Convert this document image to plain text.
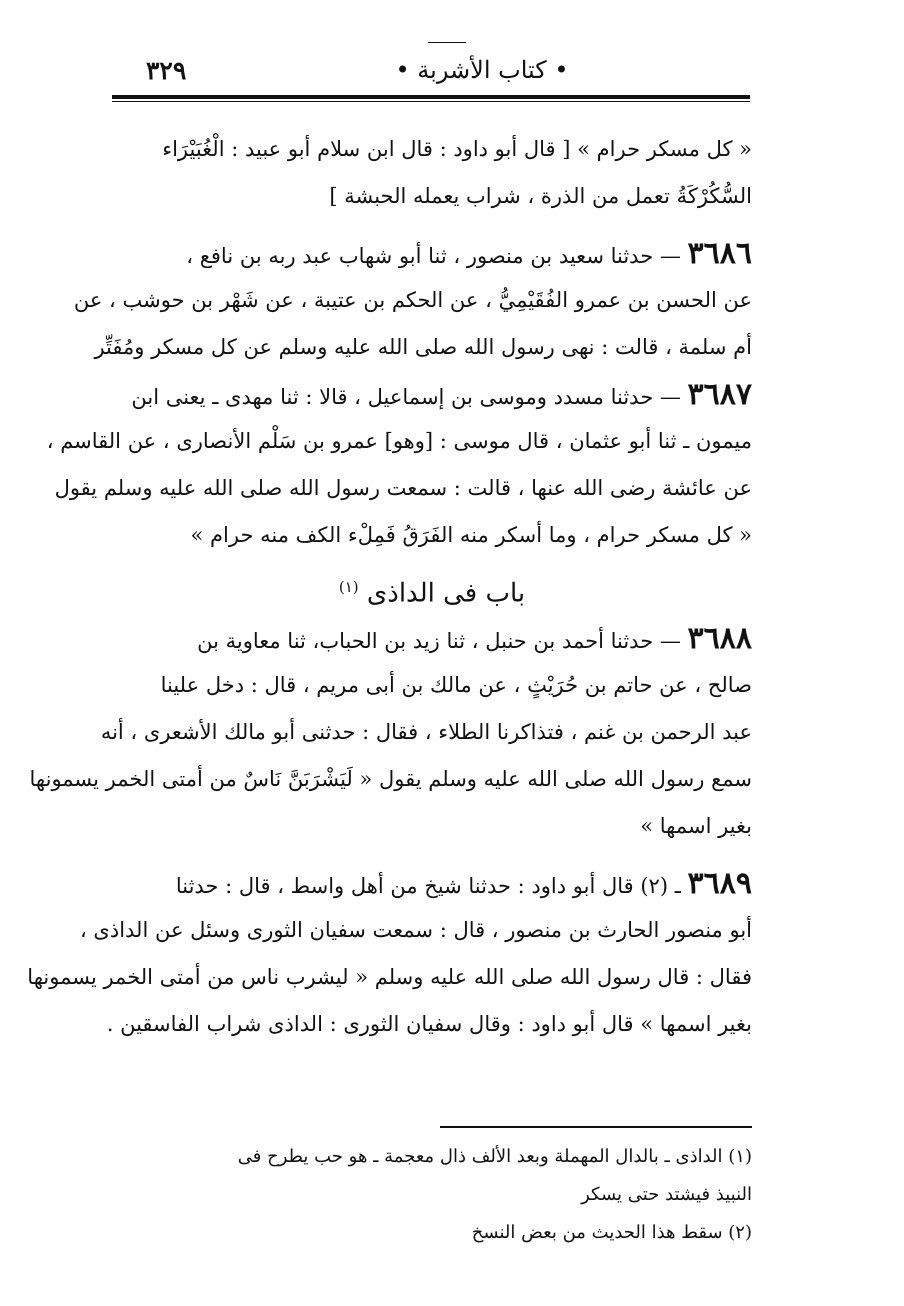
٣٢٩	• كتاب الأشربة •
« كل مسكر حرام » [ قال أبو داود : قال ابن سلام أبو عبيد : الْغُبَيْرَاء
السُّكُرْكَةُ تعمل من الذرة ، شراب يعمله الحبشة ]
٣٦٨٦ — حدثنا سعيد بن منصور ، ثنا أبو شهاب عبد ربه بن نافع ،
عن الحسن بن عمرو الفُقَيْمِيُّ ، عن الحكم بن عتيبة ، عن شَهْر بن حوشب ، عن
أم سلمة ، قالت : نهى رسول الله صلى الله عليه وسلم عن كل مسكر ومُفَتِّر
٣٦٨٧ — حدثنا مسدد وموسى بن إسماعيل ، قالا : ثنا مهدى ـ يعنى ابن
ميمون ـ ثنا أبو عثمان ، قال موسى : [وهو] عمرو بن سَلْم الأنصارى ، عن القاسم ،
عن عائشة رضى الله عنها ، قالت : سمعت رسول الله صلى الله عليه وسلم يقول
« كل مسكر حرام ، وما أسكر منه الفَرَقُ فَمِلْء الكف منه حرام »
باب فى الداذى $^{(١)}$
٣٦٨٨ — حدثنا أحمد بن حنبل ، ثنا زيد بن الحباب، ثنا معاوية بن
صالح ، عن حاتم بن حُرَيْثٍ ، عن مالك بن أبى مريم ، قال : دخل علينا
عبد الرحمن بن غنم ، فتذاكرنا الطلاء ، فقال : حدثنى أبو مالك الأشعرى ، أنه
سمع رسول الله صلى الله عليه وسلم يقول « لَيَشْرَبَنَّ نَاسٌ من أمتى الخمر يسمونها
بغير اسمها »
٣٦٨٩ ـ (٢) قال أبو داود : حدثنا شيخ من أهل واسط ، قال : حدثنا
أبو منصور الحارث بن منصور ، قال : سمعت سفيان الثورى وسئل عن الداذى ،
فقال : قال رسول الله صلى الله عليه وسلم « ليشرب ناس من أمتى الخمر يسمونها
بغير اسمها » قال أبو داود : وقال سفيان الثورى : الداذى شراب الفاسقين .
(١) الداذى ـ بالدال المهملة وبعد الألف ذال معجمة ـ هو حب يطرح فى
النبيذ فيشتد حتى يسكر
(٢) سقط هذا الحديث من بعض النسخ
